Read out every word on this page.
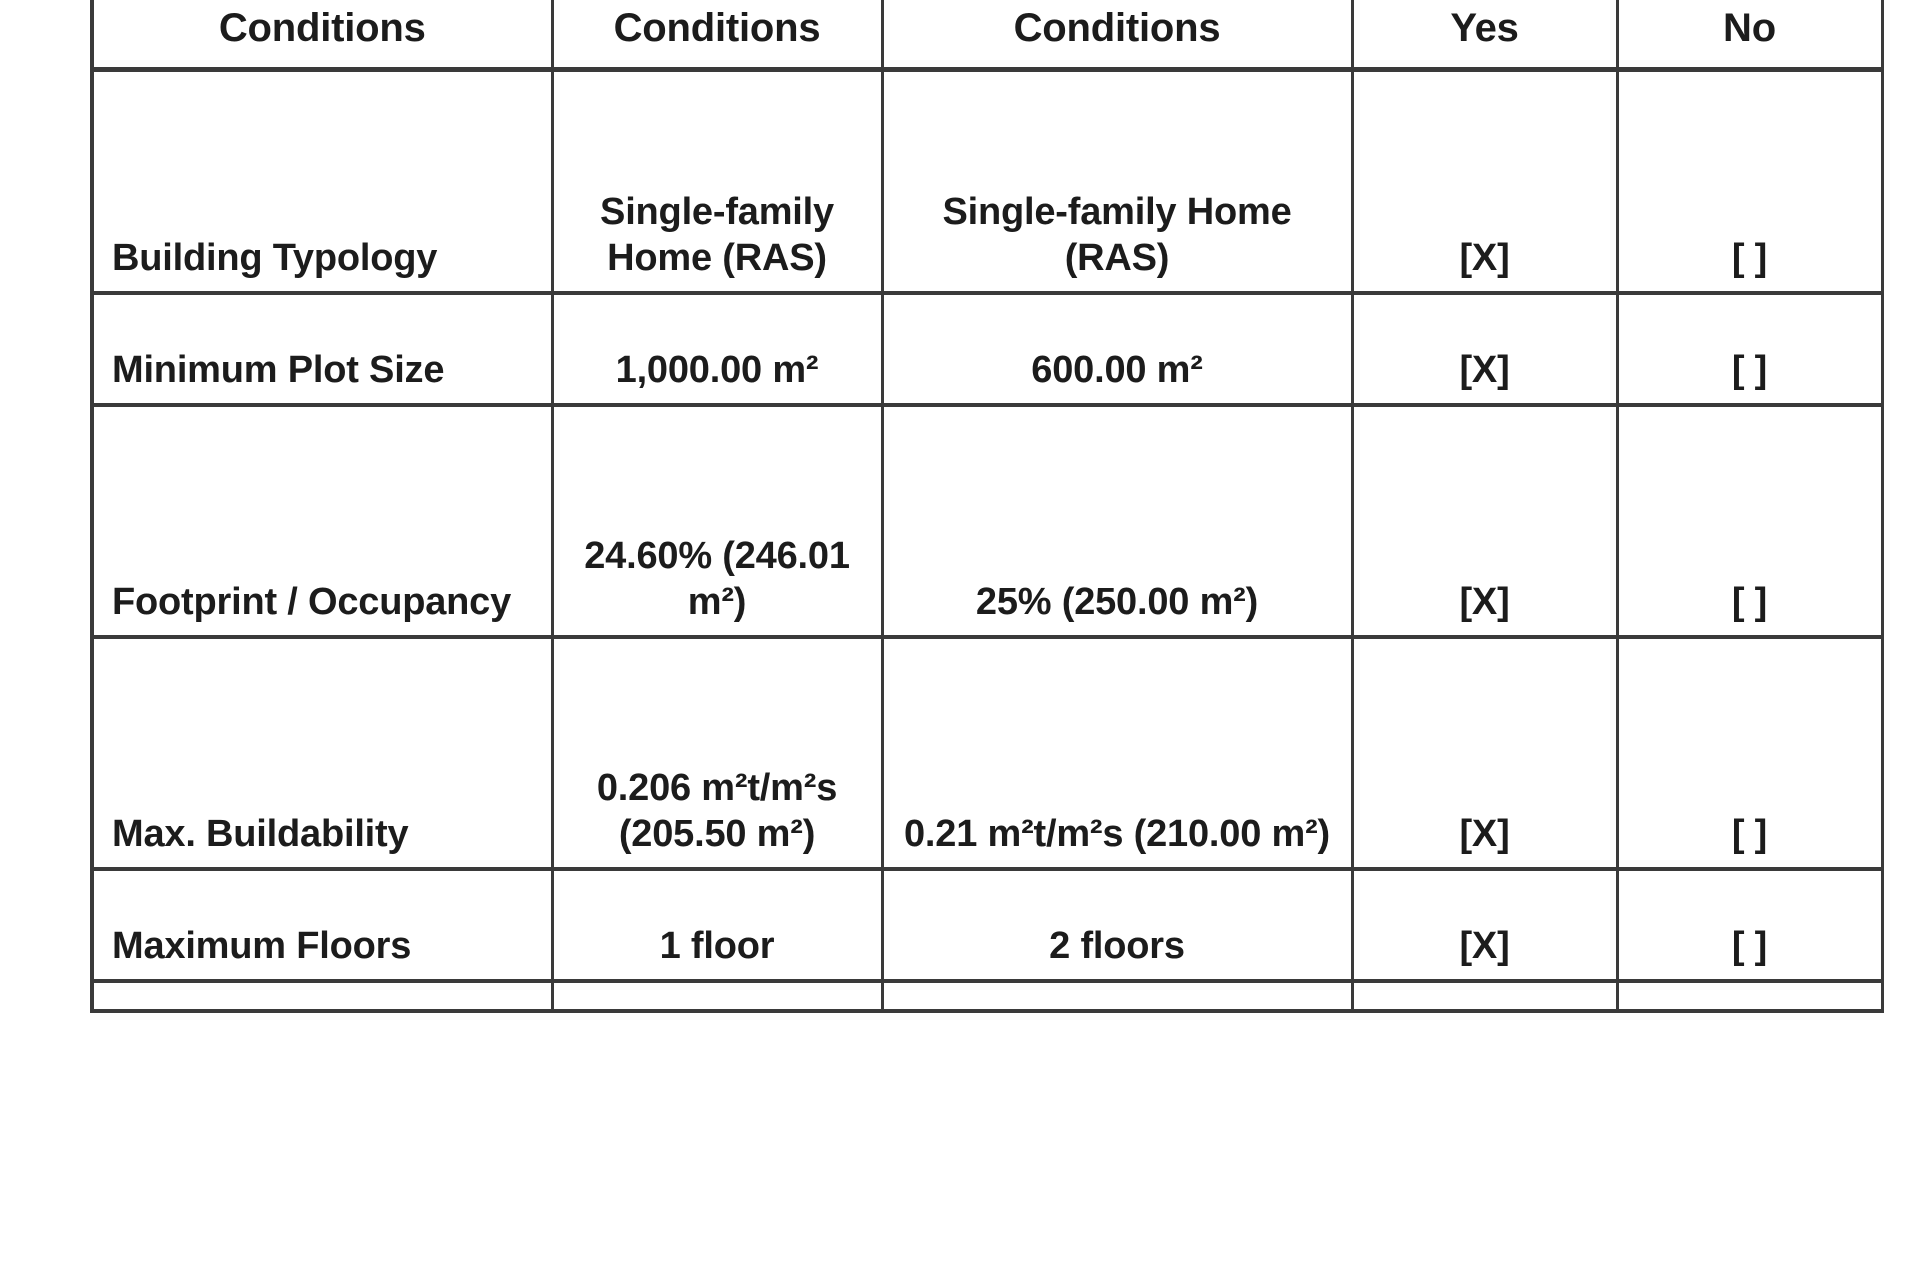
Conditions	Conditions	Conditions	Yes	No
Building Typology	Single-family Home (RAS)	Single-family Home (RAS)	[X]	[ ]
Minimum Plot Size	1,000.00 m²	600.00 m²	[X]	[ ]
Footprint / Occupancy	24.60% (246.01 m²)	25% (250.00 m²)	[X]	[ ]
Max. Buildability	0.206 m²t/m²s (205.50 m²)	0.21 m²t/m²s (210.00 m²)	[X]	[ ]
Maximum Floors	1 floor	2 floors	[X]	[ ]
